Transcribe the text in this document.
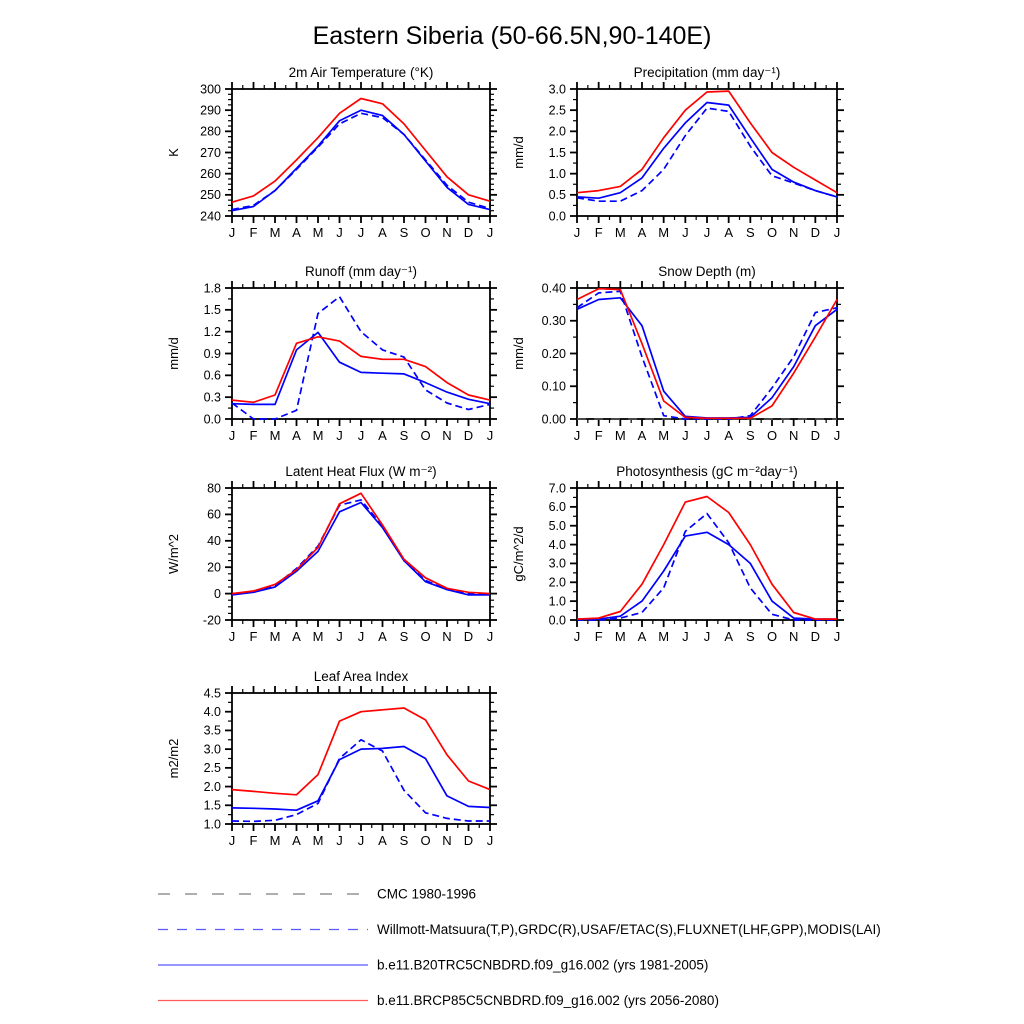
Eastern Siberia (50-66.5N,90-140E)
2m Air Temperature (°K)
K
240
250
260
270
280
290
300
J F M A M J J A S O N D J
Precipitation (mm day⁻¹)
mm/d
0.0
0.5
1.0
1.5
2.0
2.5
3.0
J F M A M J J A S O N D J
Runoff (mm day⁻¹)
mm/d
0.0
0.3
0.6
0.9
1.2
1.5
1.8
J F M A M J J A S O N D J
Snow Depth (m)
mm/d
0.00
0.10
0.20
0.30
0.40
J F M A M J J A S O N D J
Latent Heat Flux (W m⁻²)
W/m^2
-20
0
20
40
60
80
J F M A M J J A S O N D J
Photosynthesis (gC m⁻²day⁻¹)
gC/m^2/d
0.0
1.0
2.0
3.0
4.0
5.0
6.0
7.0
J F M A M J J A S O N D J
Leaf Area Index
m2/m2
1.0
1.5
2.0
2.5
3.0
3.5
4.0
4.5
J F M A M J J A S O N D J
CMC 1980-1996
Willmott-Matsuura(T,P),GRDC(R),USAF/ETAC(S),FLUXNET(LHF,GPP),MODIS(LAI)
b.e11.B20TRC5CNBDRD.f09_g16.002 (yrs 1981-2005)
b.e11.BRCP85C5CNBDRD.f09_g16.002 (yrs 2056-2080)
